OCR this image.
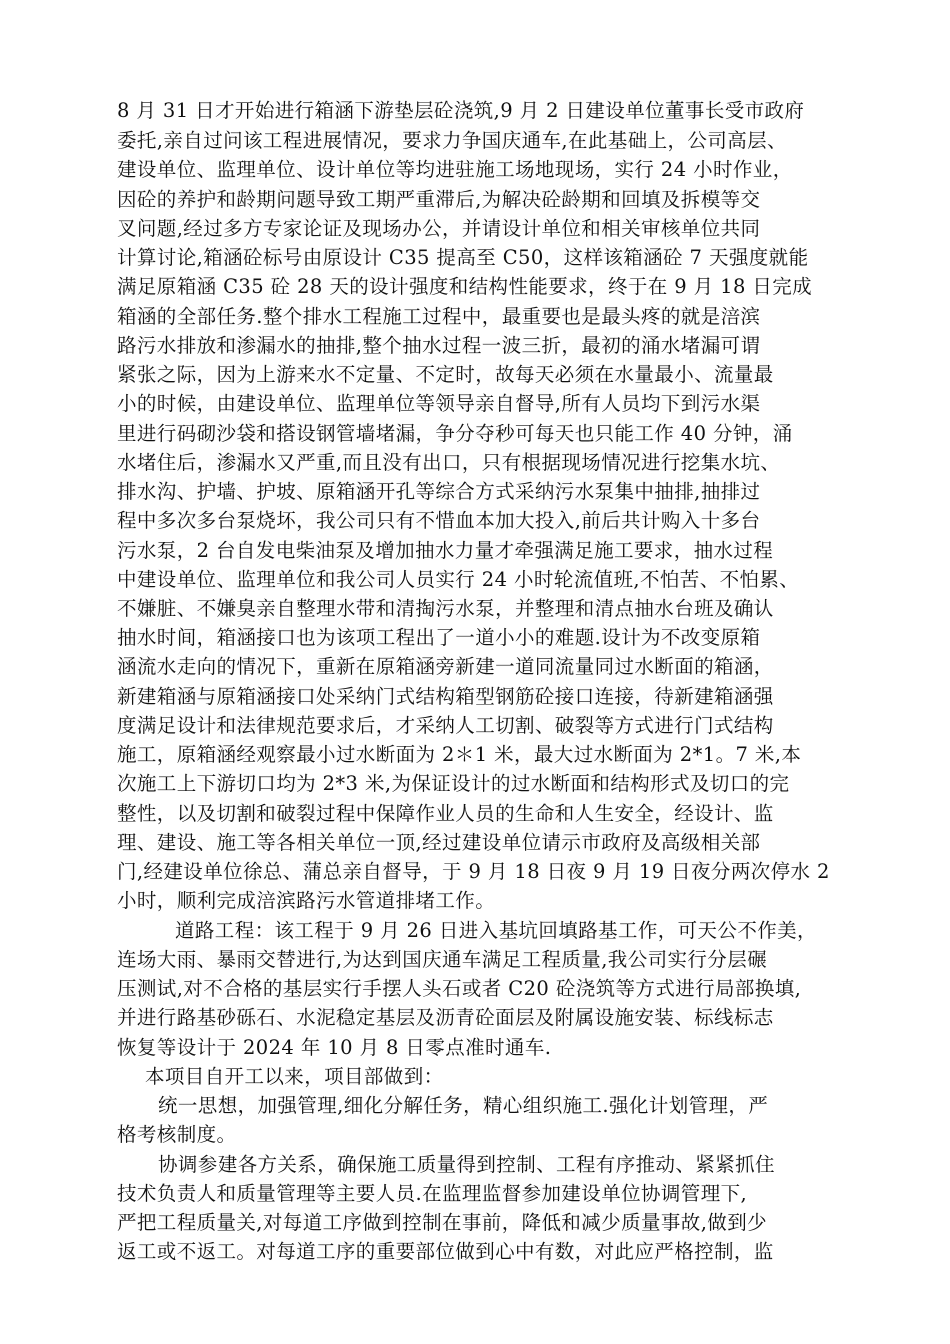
8 月 31 日才开始进行箱涵下游垫层砼浇筑,9 月 2 日建设单位董事长受市政府
委托,亲自过问该工程进展情况，要求力争国庆通车,在此基础上，公司高层、
建设单位、监理单位、设计单位等均进驻施工场地现场，实行 24 小时作业，
因砼的养护和龄期问题导致工期严重滞后,为解决砼龄期和回填及拆模等交
叉问题,经过多方专家论证及现场办公，并请设计单位和相关审核单位共同
计算讨论,箱涵砼标号由原设计 C35 提高至 C50，这样该箱涵砼 7 天强度就能
满足原箱涵 C35 砼 28 天的设计强度和结构性能要求，终于在 9 月 18 日完成
箱涵的全部任务.整个排水工程施工过程中，最重要也是最头疼的就是涪滨
路污水排放和渗漏水的抽排,整个抽水过程一波三折，最初的涌水堵漏可谓
紧张之际，因为上游来水不定量、不定时，故每天必须在水量最小、流量最
小的时候，由建设单位、监理单位等领导亲自督导,所有人员均下到污水渠
里进行码砌沙袋和搭设钢管墙堵漏，争分夺秒可每天也只能工作 40 分钟，涌
水堵住后，渗漏水又严重,而且没有出口，只有根据现场情况进行挖集水坑、
排水沟、护墙、护坡、原箱涵开孔等综合方式采纳污水泵集中抽排,抽排过
程中多次多台泵烧坏，我公司只有不惜血本加大投入,前后共计购入十多台
污水泵，2 台自发电柴油泵及增加抽水力量才牵强满足施工要求，抽水过程
中建设单位、监理单位和我公司人员实行 24 小时轮流值班,不怕苦、不怕累、
不嫌脏、不嫌臭亲自整理水带和清掏污水泵，并整理和清点抽水台班及确认
抽水时间，箱涵接口也为该项工程出了一道小小的难题.设计为不改变原箱
涵流水走向的情况下，重新在原箱涵旁新建一道同流量同过水断面的箱涵，
新建箱涵与原箱涵接口处采纳门式结构箱型钢筋砼接口连接，待新建箱涵强
度满足设计和法律规范要求后，才采纳人工切割、破裂等方式进行门式结构
施工，原箱涵经观察最小过水断面为 2＊1 米，最大过水断面为 2*1。7 米,本
次施工上下游切口均为 2*3 米,为保证设计的过水断面和结构形式及切口的完
整性，以及切割和破裂过程中保障作业人员的生命和人生安全，经设计、监
理、建设、施工等各相关单位一顶,经过建设单位请示市政府及高级相关部
门,经建设单位徐总、蒲总亲自督导，于 9 月 18 日夜 9 月 19 日夜分两次停水 2
小时，顺利完成涪滨路污水管道排堵工作。
道路工程：该工程于 9 月 26 日进入基坑回填路基工作，可天公不作美，
连场大雨、暴雨交替进行,为达到国庆通车满足工程质量,我公司实行分层碾
压测试,对不合格的基层实行手摆人头石或者 C20 砼浇筑等方式进行局部换填,
并进行路基砂砾石、水泥稳定基层及沥青砼面层及附属设施安装、标线标志
恢复等设计于 2024 年 10 月 8 日零点准时通车.
本项目自开工以来，项目部做到：
统一思想，加强管理,细化分解任务，精心组织施工.强化计划管理，严
格考核制度。
协调参建各方关系，确保施工质量得到控制、工程有序推动、紧紧抓住
技术负责人和质量管理等主要人员.在监理监督参加建设单位协调管理下,
严把工程质量关,对每道工序做到控制在事前，降低和减少质量事故,做到少
返工或不返工。对每道工序的重要部位做到心中有数，对此应严格控制，监
